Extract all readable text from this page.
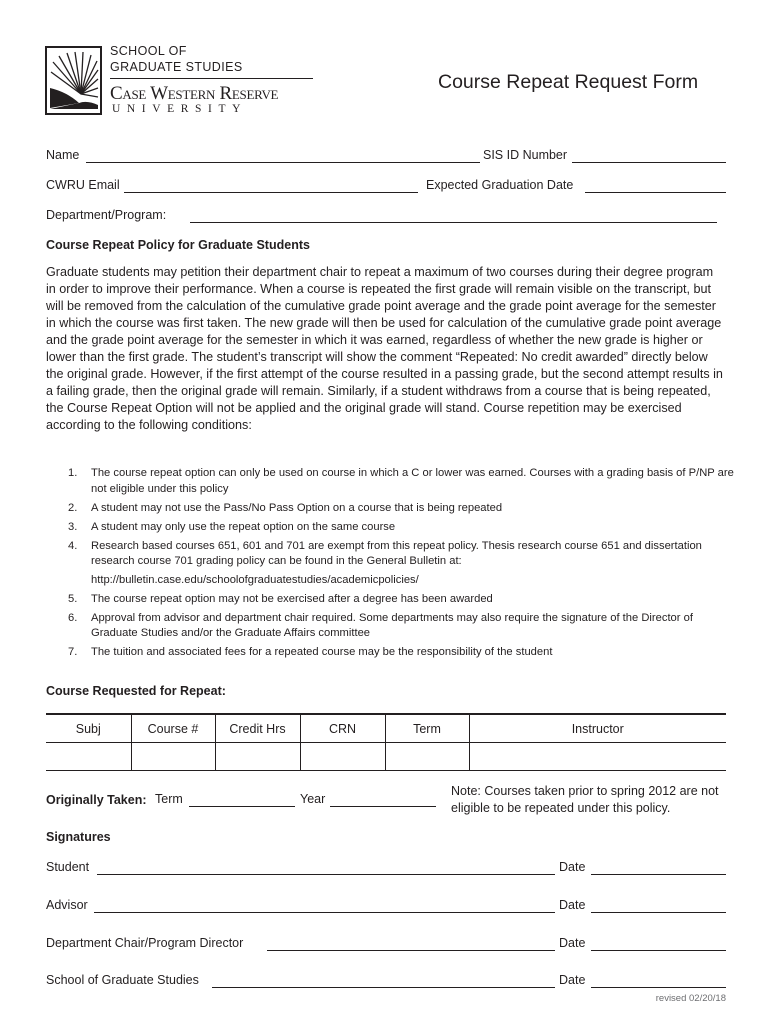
SCHOOL OF
GRADUATE STUDIES
Case Western Reserve
UNIVERSITY
Course Repeat Request Form
Name	SIS ID Number
CWRU Email	Expected Graduation Date
Department/Program:
Course Repeat Policy for Graduate Students
Graduate students may petition their department chair to repeat a maximum of two courses during their degree program in order to improve their performance. When a course is repeated the first grade will remain visible on the transcript, but will be removed from the calculation of the cumulative grade point average and the grade point average for the semester in which the course was first taken. The new grade will then be used for calculation of the cumulative grade point average and the grade point average for the semester in which it was earned, regardless of whether the new grade is higher or lower than the first grade. The student’s transcript will show the comment “Repeated: No credit awarded” directly below the original grade. However, if the first attempt of the course resulted in a passing grade, but the second attempt results in a failing grade, then the original grade will remain. Similarly, if a student withdraws from a course that is being repeated, the Course Repeat Option will not be applied and the original grade will stand. Course repetition may be exercised according to the following conditions:
1. The course repeat option can only be used on course in which a C or lower was earned. Courses with a grading basis of P/NP are not eligible under this policy
2. A student may not use the Pass/No Pass Option on a course that is being repeated
3. A student may only use the repeat option on the same course
4. Research based courses 651, 601 and 701 are exempt from this repeat policy. Thesis research course 651 and dissertation research course 701 grading policy can be found in the General Bulletin at:
http://bulletin.case.edu/schoolofgraduatestudies/academicpolicies/
5. The course repeat option may not be exercised after a degree has been awarded
6. Approval from advisor and department chair required. Some departments may also require the signature of the Director of Graduate Studies and/or the Graduate Affairs committee
7. The tuition and associated fees for a repeated course may be the responsibility of the student
Course Requested for Repeat:
Subj	Course #	Credit Hrs	CRN	Term	Instructor

Originally Taken: Term	Year
Note: Courses taken prior to spring 2012 are not eligible to be repeated under this policy.
Signatures
Student	Date
Advisor	Date
Department Chair/Program Director	Date
School of Graduate Studies	Date
revised 02/20/18
